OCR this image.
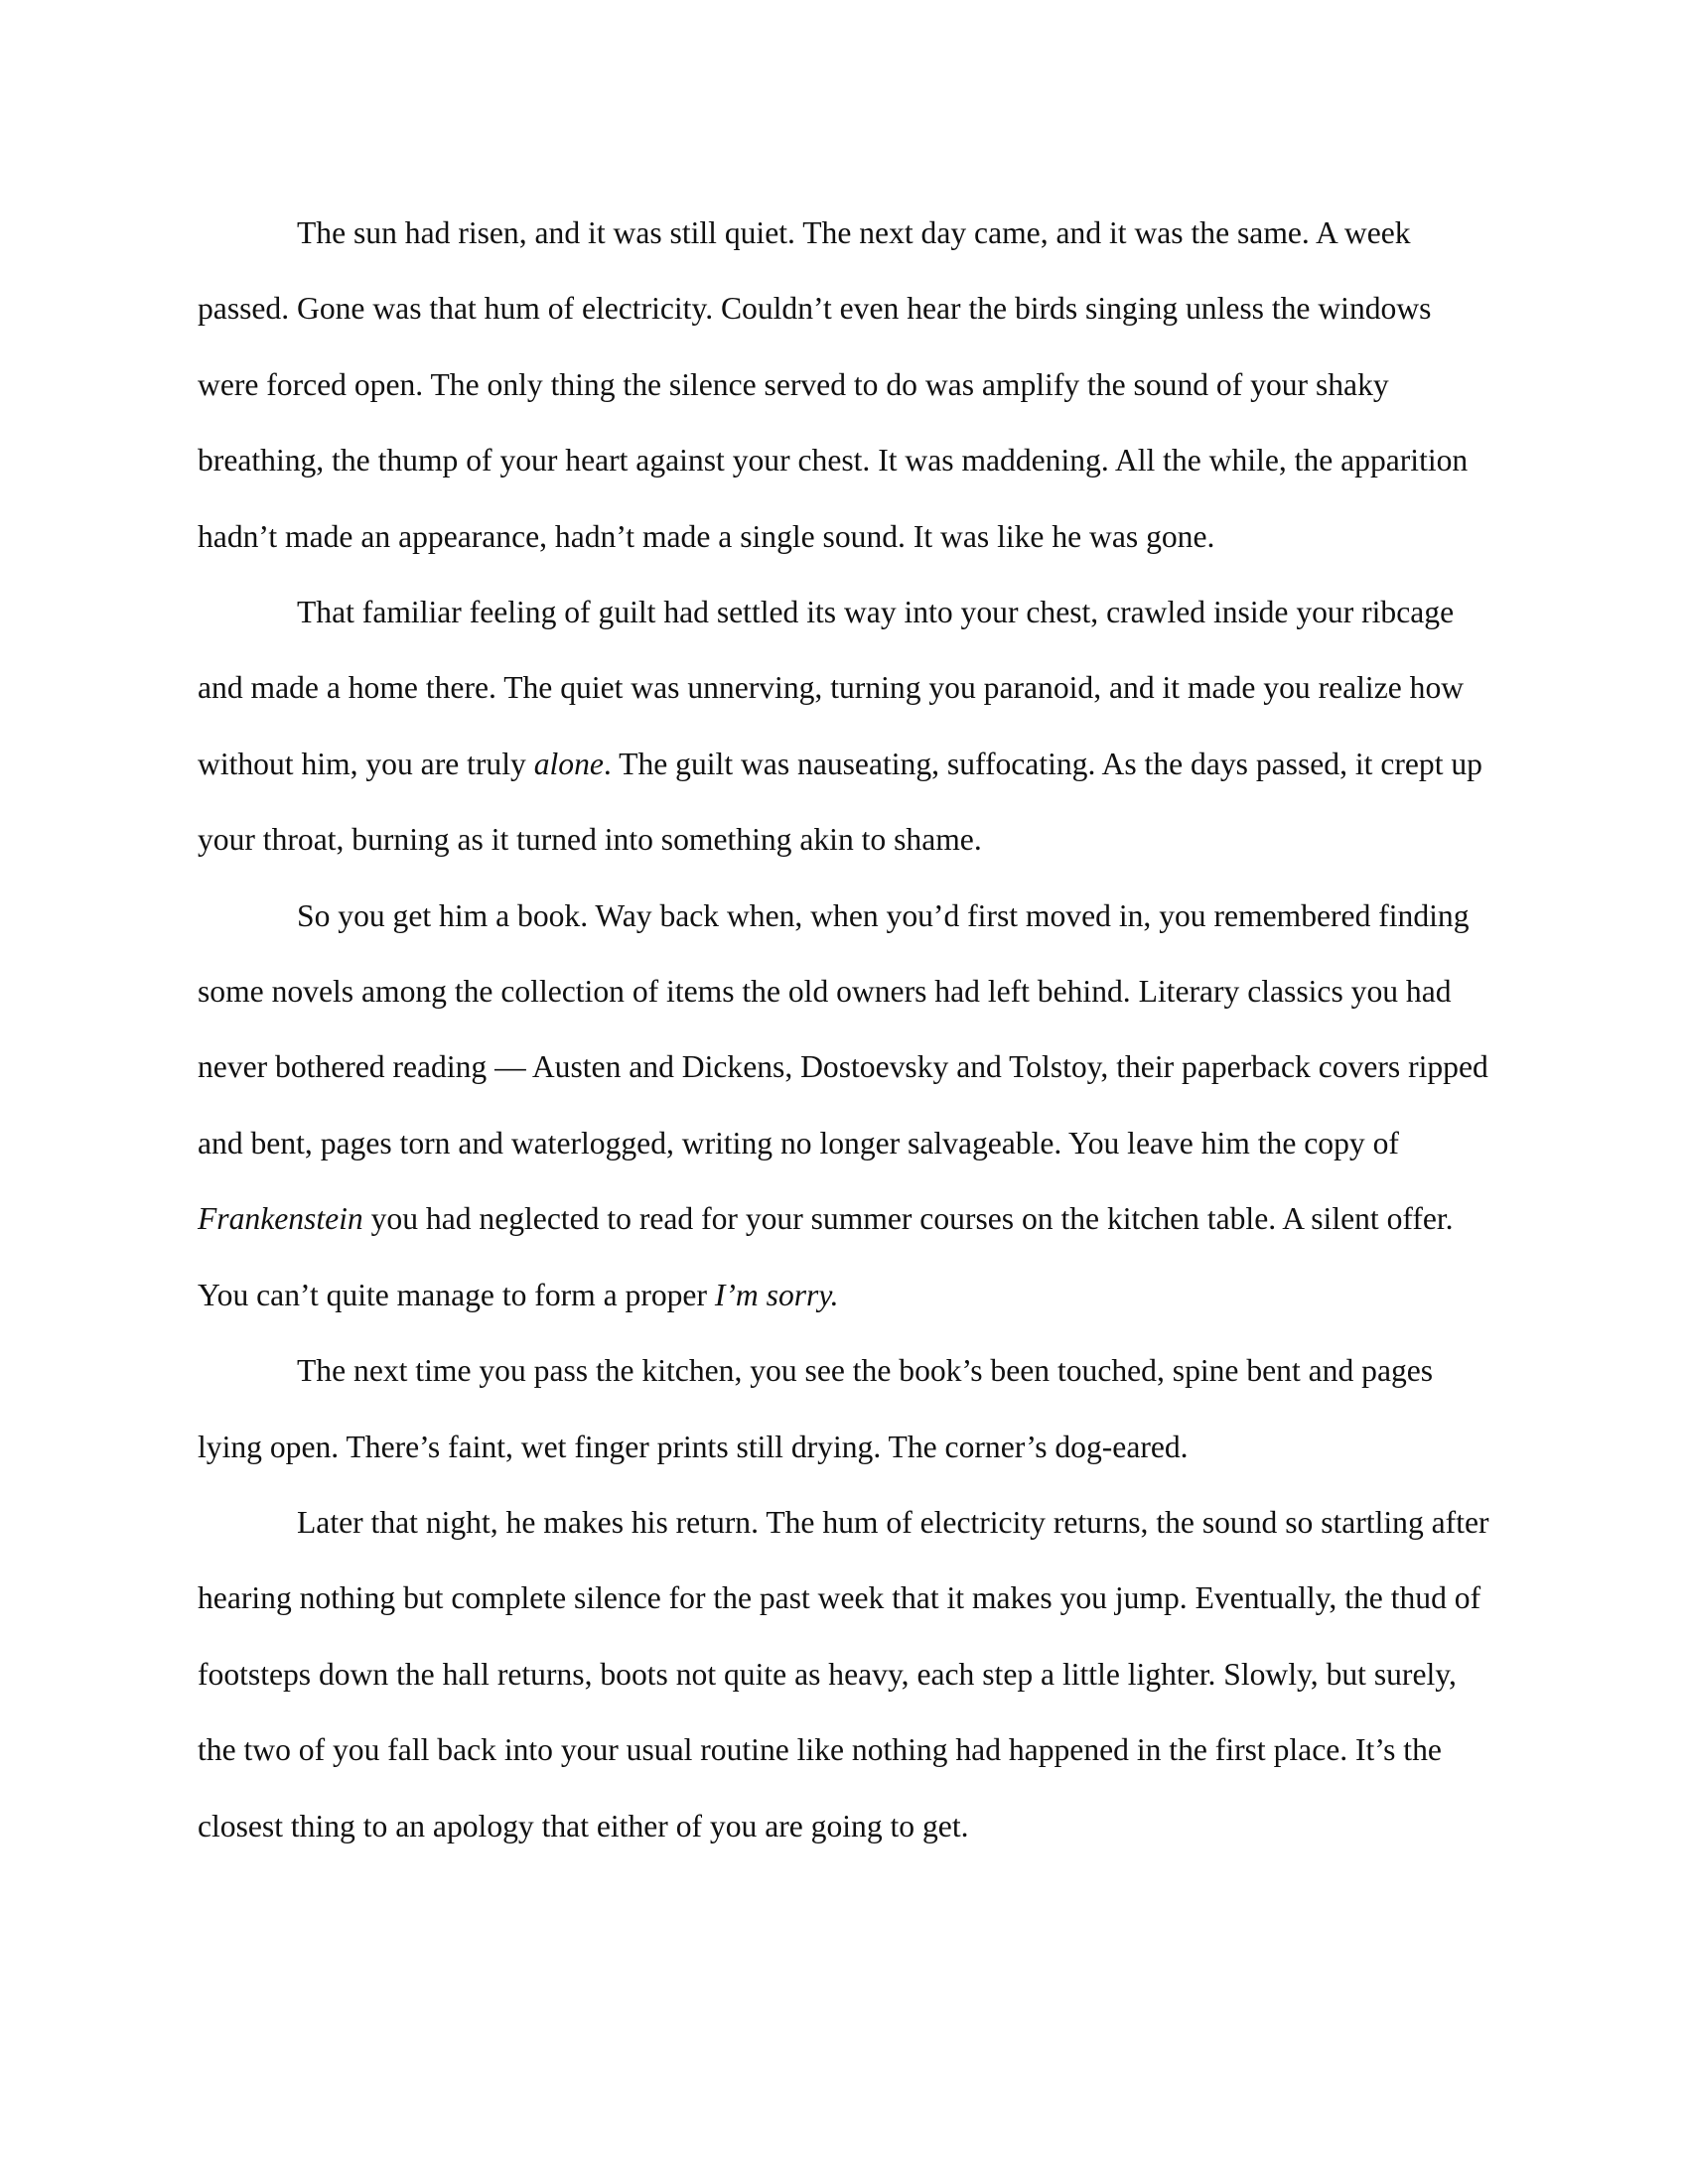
The sun had risen, and it was still quiet. The next day came, and it was the same. A week passed. Gone was that hum of electricity. Couldn’t even hear the birds singing unless the windows were forced open. The only thing the silence served to do was amplify the sound of your shaky breathing, the thump of your heart against your chest. It was maddening. All the while, the apparition hadn’t made an appearance, hadn’t made a single sound. It was like he was gone.

That familiar feeling of guilt had settled its way into your chest, crawled inside your ribcage and made a home there. The quiet was unnerving, turning you paranoid, and it made you realize how without him, you are truly alone. The guilt was nauseating, suffocating. As the days passed, it crept up your throat, burning as it turned into something akin to shame.

So you get him a book. Way back when, when you’d first moved in, you remembered finding some novels among the collection of items the old owners had left behind. Literary classics you had never bothered reading — Austen and Dickens, Dostoevsky and Tolstoy, their paperback covers ripped and bent, pages torn and waterlogged, writing no longer salvageable. You leave him the copy of Frankenstein you had neglected to read for your summer courses on the kitchen table. A silent offer. You can’t quite manage to form a proper I’m sorry.

The next time you pass the kitchen, you see the book’s been touched, spine bent and pages lying open. There’s faint, wet finger prints still drying. The corner’s dog-eared.

Later that night, he makes his return. The hum of electricity returns, the sound so startling after hearing nothing but complete silence for the past week that it makes you jump. Eventually, the thud of footsteps down the hall returns, boots not quite as heavy, each step a little lighter. Slowly, but surely, the two of you fall back into your usual routine like nothing had happened in the first place. It’s the closest thing to an apology that either of you are going to get.
